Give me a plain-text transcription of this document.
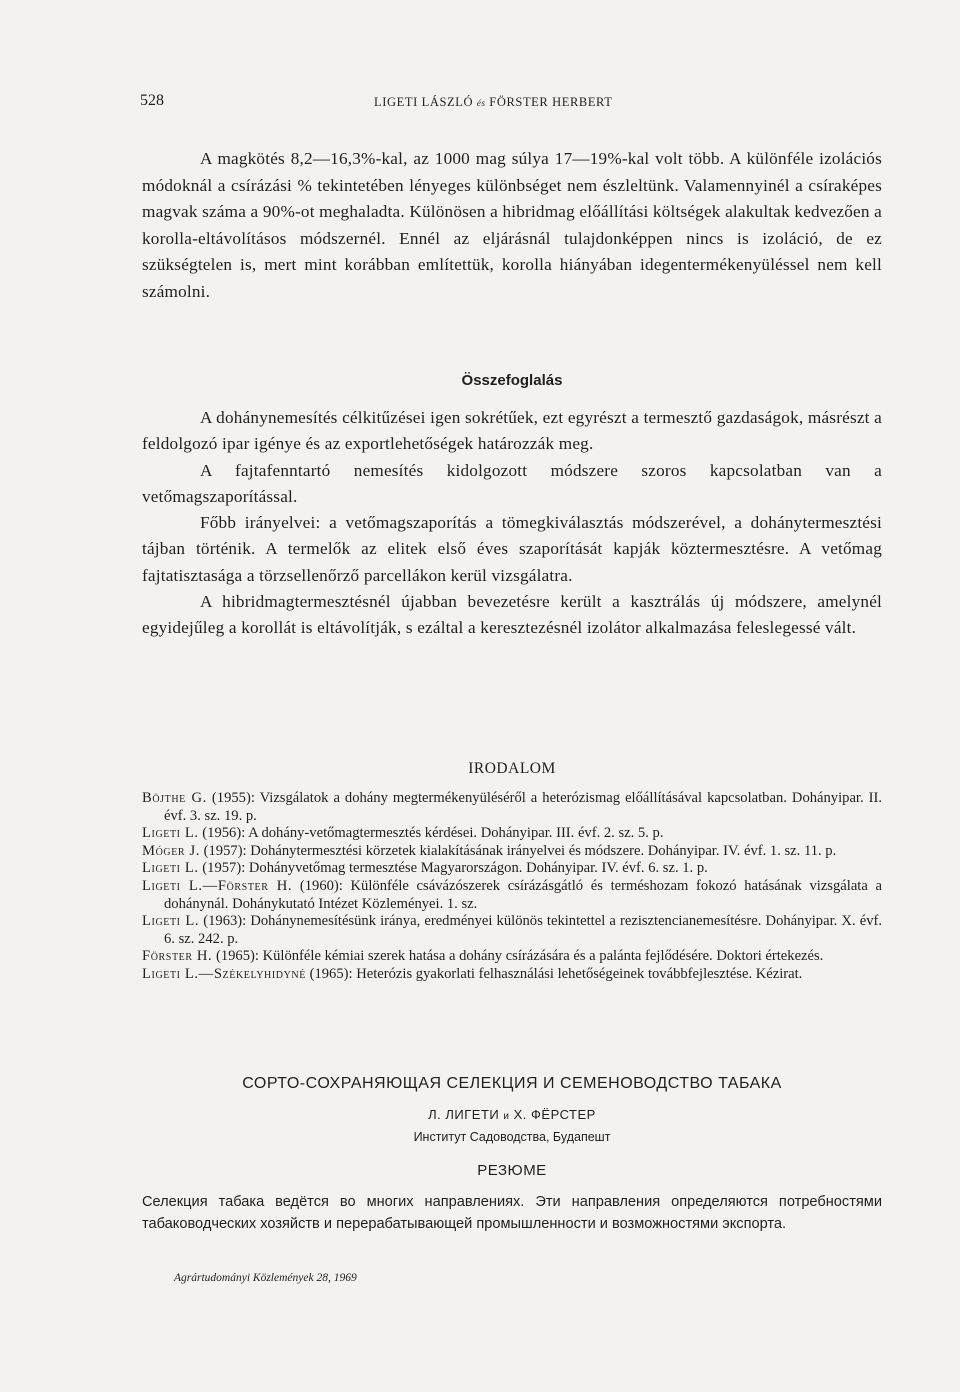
528	LIGETI LÁSZLÓ és FÖRSTER HERBERT

A magkötés 8,2—16,3%-kal, az 1000 mag súlya 17—19%-kal volt több. A különféle izolációs módoknál a csírázási % tekintetében lényeges különbséget nem észleltünk. Valamennyinél a csíraképes magvak száma a 90%-ot meghaladta. Különösen a hibridmag előállítási költségek alakultak kedvezően a korolla-eltávolításos módszernél. Ennél az eljárásnál tulajdonképpen nincs is izoláció, de ez szükségtelen is, mert mint korábban említettük, korolla hiányában idegentermékenyüléssel nem kell számolni.

Összefoglalás

A dohánynemesítés célkitűzései igen sokrétűek, ezt egyrészt a termesztő gazdaságok, másrészt a feldolgozó ipar igénye és az exportlehetőségek határozzák meg.

A fajtafenntartó nemesítés kidolgozott módszere szoros kapcsolatban van a vetőmagszaporítással.

Főbb irányelvei: a vetőmagszaporítás a tömegkiválasztás módszerével, a dohánytermesztési tájban történik. A termelők az elitek első éves szaporítását kapják köztermesztésre. A vetőmag fajtatisztasága a törzsellenőrző parcellákon kerül vizsgálatra.

A hibridmagtermesztésnél újabban bevezetésre került a kasztrálás új módszere, amelynél egyidejűleg a korollát is eltávolítják, s ezáltal a keresztezésnél izolátor alkalmazása feleslegessé vált.

IRODALOM

Böjthe G. (1955): Vizsgálatok a dohány megtermékenyüléséről a heterózismag előállításával kapcsolatban. Dohányipar. II. évf. 3. sz. 19. p.

Ligeti L. (1956): A dohány-vetőmagtermesztés kérdései. Dohányipar. III. évf. 2. sz. 5. p.

Móger J. (1957): Dohánytermesztési körzetek kialakításának irányelvei és módszere. Dohányipar. IV. évf. 1. sz. 11. p.

Ligeti L. (1957): Dohányvetőmag termesztése Magyarországon. Dohányipar. IV. évf. 6. sz. 1. p.

Ligeti L.—Förster H. (1960): Különféle csávázószerek csírázásgátló és terméshozam fokozó hatásának vizsgálata a dohánynál. Dohánykutató Intézet Közleményei. 1. sz.

Ligeti L. (1963): Dohánynemesítésünk iránya, eredményei különös tekintettel a rezisztencianemesítésre. Dohányipar. X. évf. 6. sz. 242. p.

Förster H. (1965): Különféle kémiai szerek hatása a dohány csírázására és a palánta fejlődésére. Doktori értekezés.

Ligeti L.—Székelyhidyné (1965): Heterózis gyakorlati felhasználási lehetőségeinek továbbfejlesztése. Kézirat.

СОРТО-СОХРАНЯЮЩАЯ СЕЛЕКЦИЯ И СЕМЕНОВОДСТВО ТАБАКА
Л. ЛИГЕТИ и Х. ФЁРСТЕР
Институт Садоводства, Будапешт
РЕЗЮМЕ

Селекция табака ведётся во многих направлениях. Эти направления определяются потребностями табаководческих хозяйств и перерабатывающей промышленности и возможностями экспорта.

Agrártudományi Közlemények 28, 1969
